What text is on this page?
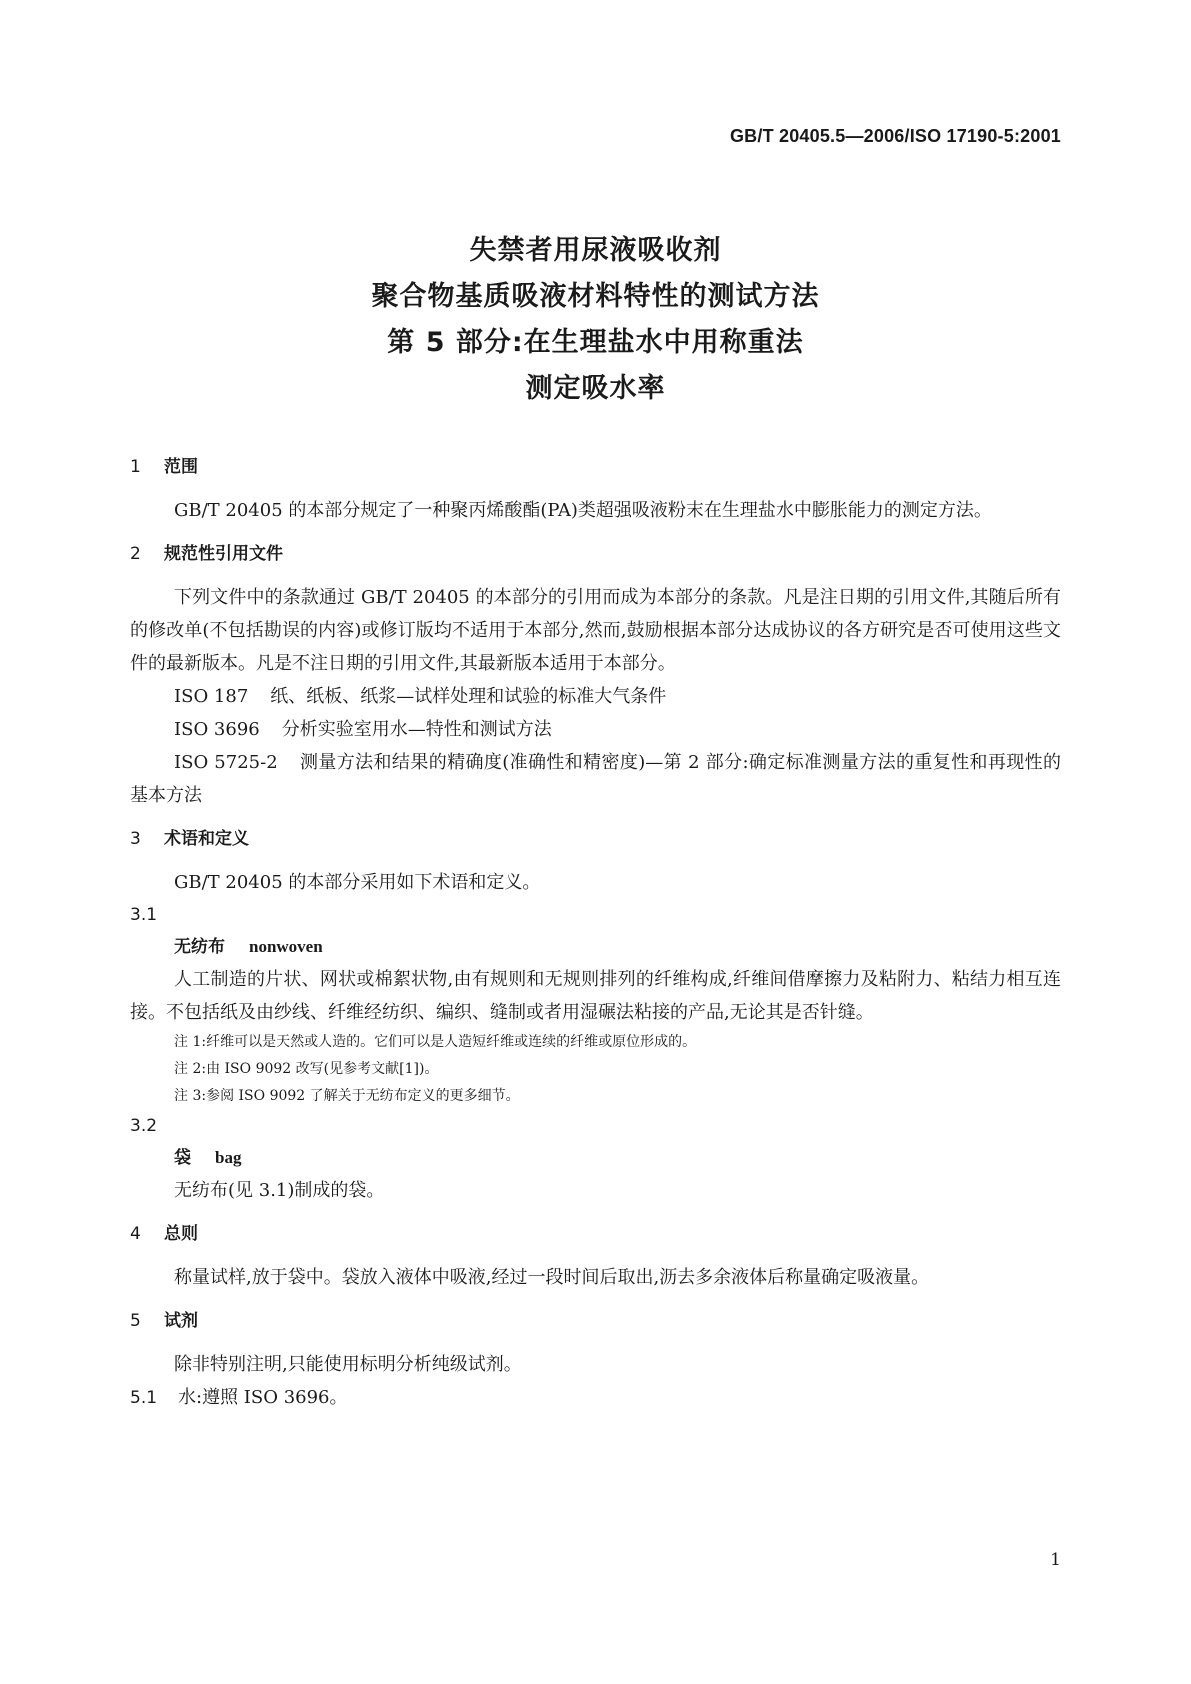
GB/T 20405.5—2006/ISO 17190-5:2001
失禁者用尿液吸收剂
聚合物基质吸液材料特性的测试方法
第 5 部分:在生理盐水中用称重法
测定吸水率
1 范围

GB/T 20405 的本部分规定了一种聚丙烯酸酯(PA)类超强吸液粉末在生理盐水中膨胀能力的测定方法。

2 规范性引用文件

下列文件中的条款通过 GB/T 20405 的本部分的引用而成为本部分的条款。凡是注日期的引用文件,其随后所有的修改单(不包括勘误的内容)或修订版均不适用于本部分,然而,鼓励根据本部分达成协议的各方研究是否可使用这些文件的最新版本。凡是不注日期的引用文件,其最新版本适用于本部分。

ISO 187 纸、纸板、纸浆—试样处理和试验的标准大气条件

ISO 3696 分析实验室用水—特性和测试方法

ISO 5725-2 测量方法和结果的精确度(准确性和精密度)—第 2 部分:确定标准测量方法的重复性和再现性的基本方法

3 术语和定义

GB/T 20405 的本部分采用如下术语和定义。

3.1

无纺布 nonwoven

人工制造的片状、网状或棉絮状物,由有规则和无规则排列的纤维构成,纤维间借摩擦力及粘附力、粘结力相互连接。不包括纸及由纱线、纤维经纺织、编织、缝制或者用湿碾法粘接的产品,无论其是否针缝。

注 1:纤维可以是天然或人造的。它们可以是人造短纤维或连续的纤维或原位形成的。

注 2:由 ISO 9092 改写(见参考文献[1])。

注 3:参阅 ISO 9092 了解关于无纺布定义的更多细节。

3.2

袋 bag

无纺布(见 3.1)制成的袋。

4 总则

称量试样,放于袋中。袋放入液体中吸液,经过一段时间后取出,沥去多余液体后称量确定吸液量。

5 试剂

除非特别注明,只能使用标明分析纯级试剂。

5.1 水:遵照 ISO 3696。

1
